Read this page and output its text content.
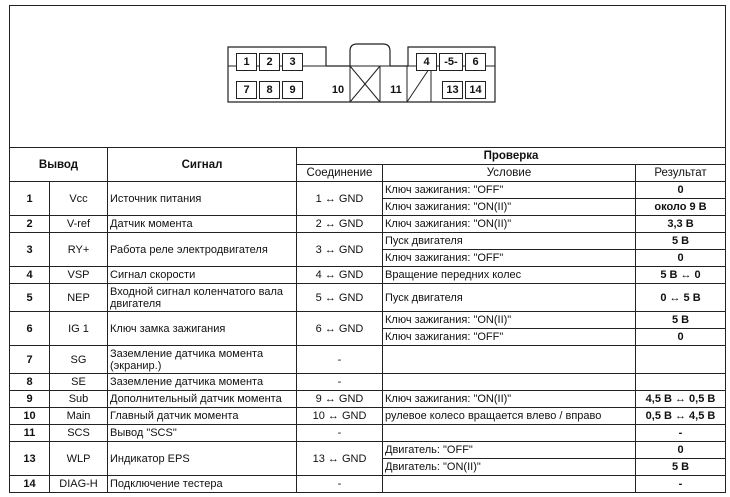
1	2	3	4	-5-	6
7	8	9	10	11	13 14
Вывод		Сигнал	Проверка		
			Соединение	Условие	Результат
1	Vcc	Источник питания	1 ↔ GND	Ключ зажигания: "OFF"	0
				Ключ зажигания: "ON(II)"	около 9 В
2	V-ref	Датчик момента	2 ↔ GND	Ключ зажигания: "ON(II)"	3,3 В
3	RY+	Работа реле электродвигателя	3 ↔ GND	Пуск двигателя	5 В
				Ключ зажигания: "OFF"	0
4	VSP	Сигнал скорости	4 ↔ GND	Вращение передних колес	5 В ↔ 0
5	NEP	Входной сигнал коленчатого вала двигателя	5 ↔ GND	Пуск двигателя	0 ↔ 5 В
6	IG 1	Ключ замка зажигания	6 ↔ GND	Ключ зажигания: "ON(II)"	5 В
				Ключ зажигания: "OFF"	0
7	SG	Заземление датчика момента (экранир.)	-		
8	SE	Заземление датчика момента	-		
9	Sub	Дополнительный датчик момента	9 ↔ GND	Ключ зажигания: "ON(II)"	4,5 В ↔ 0,5 В
10	Main	Главный датчик момента	10 ↔ GND	рулевое колесо вращается влево / вправо	0,5 В ↔ 4,5 В
11	SCS	Вывод "SCS"	-		-
13	WLP	Индикатор EPS	13 ↔ GND	Двигатель: "OFF"	0
				Двигатель: "ON(II)"	5 В
14	DIAG-H	Подключение тестера	-		-
